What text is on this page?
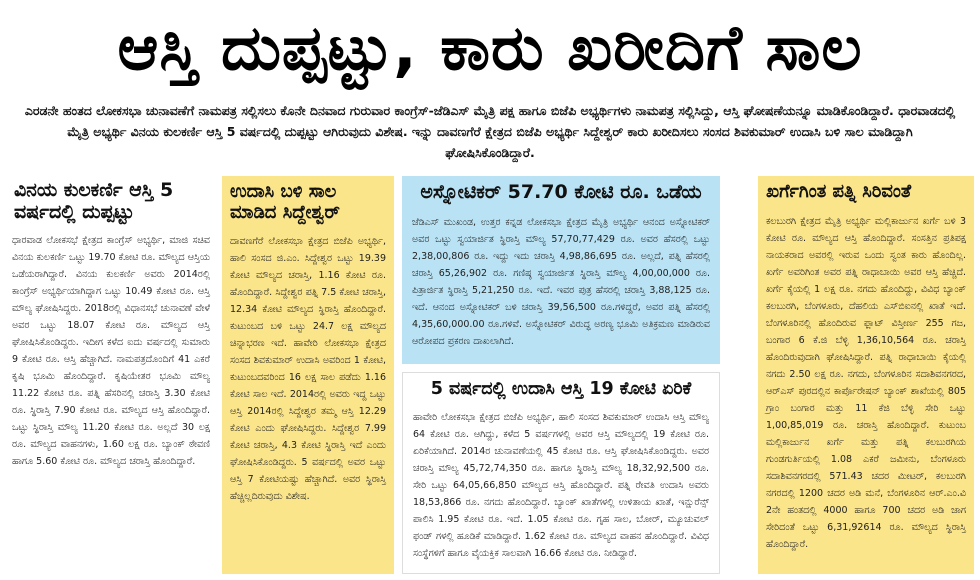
ಆಸ್ತಿ ದುಪ್ಪಟ್ಟು, ಕಾರು ಖರೀದಿಗೆ ಸಾಲ
ಎರಡನೇ ಹಂತದ ಲೋಕಸಭಾ ಚುನಾವಣೆಗೆ ನಾಮಪತ್ರ ಸಲ್ಲಿಸಲು ಕೊನೇ ದಿನವಾದ ಗುರುವಾರ ಕಾಂಗ್ರೆಸ್-ಜೆಡಿಎಸ್ ಮೈತ್ರಿ ಪಕ್ಷ ಹಾಗೂ ಬಿಜೆಪಿ ಅಭ್ಯರ್ಥಿಗಳು ನಾಮಪತ್ರ ಸಲ್ಲಿಸಿದ್ದು, ಆಸ್ತಿ ಘೋಷಣೆಯನ್ನೂ ಮಾಡಿಕೊಂಡಿದ್ದಾರೆ. ಧಾರವಾಡದಲ್ಲಿ ಮೈತ್ರಿ ಅಭ್ಯರ್ಥಿ ವಿನಯ ಕುಲಕರ್ಣಿ ಆಸ್ತಿ 5 ವರ್ಷದಲ್ಲಿ ದುಪ್ಪಟ್ಟು ಆಗಿರುವುದು ವಿಶೇಷ. ಇನ್ನು ದಾವಣಗೆರೆ ಕ್ಷೇತ್ರದ ಬಿಜೆಪಿ ಅಭ್ಯರ್ಥಿ ಸಿದ್ದೇಶ್ವರ್ ಕಾರು ಖರೀದಿಸಲು ಸಂಸದ ಶಿವಕುಮಾರ್ ಉದಾಸಿ ಬಳಿ ಸಾಲ ಮಾಡಿದ್ದಾಗಿ ಘೋಷಿಸಿಕೊಂಡಿದ್ದಾರೆ.
ವಿನಯ ಕುಲಕರ್ಣಿ ಆಸ್ತಿ 5 ವರ್ಷದಲ್ಲಿ ದುಪ್ಪಟ್ಟು
ಧಾರವಾಡ ಲೋಕಸಭೆ ಕ್ಷೇತ್ರದ ಕಾಂಗ್ರೆಸ್ ಅಭ್ಯರ್ಥಿ, ಮಾಜಿ ಸಚಿವ ವಿನಯ ಕುಲಕರ್ಣಿ ಒಟ್ಟು 19.70 ಕೋಟಿ ರೂ. ಮೌಲ್ಯದ ಆಸ್ತಿಯ ಒಡೆಯರಾಗಿದ್ದಾರೆ. ವಿನಯ ಕುಲಕರ್ಣಿ ಅವರು 2014ರಲ್ಲಿ ಕಾಂಗ್ರೆಸ್ ಅಭ್ಯರ್ಥಿಯಾಗಿದ್ದಾಗ ಒಟ್ಟು 10.49 ಕೋಟಿ ರೂ. ಆಸ್ತಿ ಮೌಲ್ಯ ಘೋಷಿಸಿದ್ದರು. 2018ರಲ್ಲಿ ವಿಧಾನಸಭೆ ಚುನಾವಣೆ ವೇಳೆ ಅವರ ಒಟ್ಟು 18.07 ಕೋಟಿ ರೂ. ಮೌಲ್ಯದ ಆಸ್ತಿ ಘೋಷಿಸಿಕೊಂಡಿದ್ದರು. ಇದೀಗ ಕಳೆದ ಐದು ವರ್ಷದಲ್ಲಿ ಸುಮಾರು 9 ಕೋಟಿ ರೂ. ಆಸ್ತಿ ಹೆಚ್ಚಾಗಿದೆ. ನಾಮಪತ್ರದೊಂದಿಗೆ 41 ಎಕರೆ ಕೃಷಿ ಭೂಮಿ ಹೊಂದಿದ್ದಾರೆ. ಕೃಷಿಯೇತರ ಭೂಮಿ ಮೌಲ್ಯ 11.22 ಕೋಟಿ ರೂ. ಪತ್ನಿ ಹೆಸರಿನಲ್ಲಿ ಚರಾಸ್ತಿ 3.30 ಕೋಟಿ ರೂ. ಸ್ಥಿರಾಸ್ತಿ 7.90 ಕೋಟಿ ರೂ. ಮೌಲ್ಯದ ಆಸ್ತಿ ಹೊಂದಿದ್ದಾರೆ. ಒಟ್ಟು ಸ್ಥಿರಾಸ್ತಿ ಮೌಲ್ಯ 11.20 ಕೋಟಿ ರೂ. ಅಲ್ಲದೆ 30 ಲಕ್ಷ ರೂ. ಮೌಲ್ಯದ ವಾಹನಗಳು, 1.60 ಲಕ್ಷ ರೂ. ಬ್ಯಾಂಕ್ ಠೇವಣಿ ಹಾಗೂ 5.60 ಕೋಟಿ ರೂ. ಮೌಲ್ಯದ ಚರಾಸ್ತಿ ಹೊಂದಿದ್ದಾರೆ.
ಉದಾಸಿ ಬಳಿ ಸಾಲ ಮಾಡಿದ ಸಿದ್ದೇಶ್ವರ್
ದಾವಣಗೆರೆ ಲೋಕಸಭಾ ಕ್ಷೇತ್ರದ ಬಿಜೆಪಿ ಅಭ್ಯರ್ಥಿ, ಹಾಲಿ ಸಂಸದ ಜಿ.ಎಂ. ಸಿದ್ದೇಶ್ವರ ಒಟ್ಟು 19.39 ಕೋಟಿ ಮೌಲ್ಯದ ಚರಾಸ್ತಿ, 1.16 ಕೋಟಿ ರೂ. ಹೊಂದಿದ್ದಾರೆ. ಸಿದ್ದೇಶ್ವರ ಪತ್ನಿ 7.5 ಕೋಟಿ ಚರಾಸ್ತಿ, 12.34 ಕೋಟಿ ಮೌಲ್ಯದ ಸ್ಥಿರಾಸ್ತಿ ಹೊಂದಿದ್ದಾರೆ. ಕುಟುಂಬದ ಬಳಿ ಒಟ್ಟು 24.7 ಲಕ್ಷ ಮೌಲ್ಯದ ಚಿನ್ನಾಭರಣ ಇದೆ. ಹಾವೇರಿ ಲೋಕಸಭಾ ಕ್ಷೇತ್ರದ ಸಂಸದ ಶಿವಕುಮಾರ್ ಉದಾಸಿ ಅವರಿಂದ 1 ಕೋಟಿ, ಕುಟುಂಬದವರಿಂದ 16 ಲಕ್ಷ ಸಾಲ ಪಡೆದು 1.16 ಕೋಟಿ ಸಾಲ ಇದೆ. 2014ರಲ್ಲಿ ಅವರು ಇದ್ದ ಒಟ್ಟು ಆಸ್ತಿ 2014ರಲ್ಲಿ ಸಿದ್ದೇಶ್ವರ ತಮ್ಮ ಆಸ್ತಿ 12.29 ಕೋಟಿ ಎಂದು ಘೋಷಿಸಿದ್ದರು. ಸಿದ್ದೇಶ್ವರ 7.99 ಕೋಟಿ ಚರಾಸ್ತಿ, 4.3 ಕೋಟಿ ಸ್ಥಿರಾಸ್ತಿ ಇದೆ ಎಂದು ಘೋಷಿಸಿಕೊಂಡಿದ್ದರು. 5 ವರ್ಷದಲ್ಲಿ ಅವರ ಒಟ್ಟು ಆಸ್ತಿ 7 ಕೋಟಿಯಷ್ಟು ಹೆಚ್ಚಾಗಿದೆ. ಅವರ ಸ್ಥಿರಾಸ್ತಿ ಹೆಚ್ಚಿಲ್ಲದಿರುವುದು ವಿಶೇಷ.
ಅಸ್ನೋಟಿಕರ್ 57.70 ಕೋಟಿ ರೂ. ಒಡೆಯ
ಜೆಡಿಎಸ್ ಮುಖಂಡ, ಉತ್ತರ ಕನ್ನಡ ಲೋಕಸಭಾ ಕ್ಷೇತ್ರದ ಮೈತ್ರಿ ಅಭ್ಯರ್ಥಿ ಆನಂದ ಅಸ್ನೋಟಿಕರ್ ಅವರ ಒಟ್ಟು ಸ್ವಯಾರ್ಜಿತ ಸ್ಥಿರಾಸ್ತಿ ಮೌಲ್ಯ 57,70,77,429 ರೂ. ಅವರ ಹೆಸರಲ್ಲಿ ಒಟ್ಟು 2,38,00,806 ರೂ. ಇದ್ದು ಇದು ಚರಾಸ್ತಿ 4,98,86,695 ರೂ. ಅಲ್ಲದೆ, ಪತ್ನಿ ಹೆಸರಲ್ಲಿ ಚರಾಸ್ತಿ 65,26,902 ರೂ. ಗಣಿಷ್ಠ ಸ್ವಯಾರ್ಜಿತ ಸ್ಥಿರಾಸ್ತಿ ಮೌಲ್ಯ 4,00,00,000 ರೂ. ಪಿತ್ರಾರ್ಜಿತ ಸ್ಥಿರಾಸ್ತಿ 5,21,250 ರೂ. ಇದೆ. ಇವರ ಪುತ್ರ ಹೆಸರಲ್ಲಿ ಚರಾಸ್ತಿ 3,88,125 ರೂ. ಇದೆ. ಆನಂದ ಅಸ್ನೋಟಿಕರ್ ಬಳಿ ಚರಾಸ್ತಿ 39,56,500 ರೂ.ಗಳಿದ್ದರೆ, ಅವರ ಪತ್ನಿ ಹೆಸರಲ್ಲಿ 4,35,60,000.00 ರೂ.ಗಳಿವೆ. ಅಸ್ನೋಟಿಕರ್ ವಿರುದ್ಧ ಅರಣ್ಯ ಭೂಮಿ ಅತಿಕ್ರಮಣ ಮಾಡಿರುವ ಆರೋಪದ ಪ್ರಕರಣ ದಾಖಲಾಗಿದೆ.
5 ವರ್ಷದಲ್ಲಿ ಉದಾಸಿ ಆಸ್ತಿ 19 ಕೋಟಿ ಏರಿಕೆ
ಹಾವೇರಿ ಲೋಕಸಭಾ ಕ್ಷೇತ್ರದ ಬಿಜೆಪಿ ಅಭ್ಯರ್ಥಿ, ಹಾಲಿ ಸಂಸದ ಶಿವಕುಮಾರ್ ಉದಾಸಿ ಆಸ್ತಿ ಮೌಲ್ಯ 64 ಕೋಟಿ ರೂ. ಆಗಿದ್ದು, ಕಳೆದ 5 ವರ್ಷಗಳಲ್ಲಿ ಅವರ ಆಸ್ತಿ ಮೌಲ್ಯದಲ್ಲಿ 19 ಕೋಟಿ ರೂ. ಏರಿಕೆಯಾಗಿದೆ. 2014ರ ಚುನಾವಣೆಯಲ್ಲಿ 45 ಕೋಟಿ ರೂ. ಆಸ್ತಿ ಘೋಷಿಸಿಕೊಂಡಿದ್ದರು. ಅವರ ಚರಾಸ್ತಿ ಮೌಲ್ಯ 45,72,74,350 ರೂ. ಹಾಗೂ ಸ್ಥಿರಾಸ್ತಿ ಮೌಲ್ಯ 18,32,92,500 ರೂ. ಸೇರಿ ಒಟ್ಟು 64,05,66,850 ಮೌಲ್ಯದ ಆಸ್ತಿ ಹೊಂದಿದ್ದಾರೆ. ಪತ್ನಿ ರೇವತಿ ಉದಾಸಿ ಅವರು 18,53,866 ರೂ. ನಗದು ಹೊಂದಿದ್ದಾರೆ. ಬ್ಯಾಂಕ್ ಖಾತೆಗಳಲ್ಲಿ ಉಳಿತಾಯ ಖಾತೆ, ಇನ್ಷುರೆನ್ಸ್ ಪಾಲಿಸಿ 1.95 ಕೋಟಿ ರೂ. ಇದೆ. 1.05 ಕೋಟಿ ರೂ. ಗೃಹ ಸಾಲ, ಬೋರ್, ಮ್ಯೂಚುವಲ್ ಫಂಡ್ ಗಳಲ್ಲಿ ಹೂಡಿಕೆ ಮಾಡಿದ್ದಾರೆ. 1.62 ಕೋಟಿ ರೂ. ಮೌಲ್ಯದ ವಾಹನ ಹೊಂದಿದ್ದಾರೆ. ವಿವಿಧ ಸಂಸ್ಥೆಗಳಿಗೆ ಹಾಗೂ ವೈಯಕ್ತಿಕ ಸಾಲವಾಗಿ 16.66 ಕೋಟಿ ರೂ. ನೀಡಿದ್ದಾರೆ.
ಖರ್ಗೆಗಿಂತ ಪತ್ನಿ ಸಿರಿವಂತೆ
ಕಲಬುರಗಿ ಕ್ಷೇತ್ರದ ಮೈತ್ರಿ ಅಭ್ಯರ್ಥಿ ಮಲ್ಲಿಕಾರ್ಜುನ ಖರ್ಗೆ ಬಳಿ 3 ಕೋಟಿ ರೂ. ಮೌಲ್ಯದ ಆಸ್ತಿ ಹೊಂದಿದ್ದಾರೆ. ಸಂಸತ್ತಿನ ಪ್ರತಿಪಕ್ಷ ನಾಯಕರಾದ ಅವರಲ್ಲಿ ಇರುವ ಒಂದು ಸ್ವಂತ ಕಾರು ಹೊಂದಿಲ್ಲ. ಖರ್ಗೆ ಅವರಿಗಿಂತ ಅವರ ಪತ್ನಿ ರಾಧಾಬಾಯಿ ಅವರ ಆಸ್ತಿ ಹೆಚ್ಚಿದೆ. ಖರ್ಗೆ ಕೈಯಲ್ಲಿ 1 ಲಕ್ಷ ರೂ. ನಗದು ಹೊಂದಿದ್ದು, ವಿವಿಧ ಬ್ಯಾಂಕ್ ಕಲಬುರಗಿ, ಬೆಂಗಳೂರು, ದೆಹಲಿಯ ಎಸ್‌ಬಿಐನಲ್ಲಿ ಖಾತೆ ಇದೆ. ಬೆಂಗಳೂರಿನಲ್ಲಿ ಹೊಂದಿರುವ ಫ್ಲಾಟ್ ವಿಸ್ತೀರ್ಣ 255 ಗಜ, ಬಂಗಾರ 6 ಕೆ.ಜಿ ಬೆಳ್ಳಿ 1,36,10,564 ರೂ. ಚರಾಸ್ತಿ ಹೊಂದಿರುವುದಾಗಿ ಘೋಷಿಸಿದ್ದಾರೆ. ಪತ್ನಿ ರಾಧಾಬಾಯಿ ಕೈಯಲ್ಲಿ ನಗದು 2.50 ಲಕ್ಷ ರೂ. ನಗದು, ಬೆಂಗಳೂರಿನ ಸದಾಶಿವನಗರದ, ಆರ್‌ಎಸ್‌ ಪುರದಲ್ಲಿನ ಕಾರ್ಪೊರೇಷನ್ ಬ್ಯಾಂಕ್ ಶಾಖೆಯಲ್ಲಿ 805 ಗ್ರಾಂ ಬಂಗಾರ ಮತ್ತು 11 ಕೆಜಿ ಬೆಳ್ಳಿ ಸೇರಿ ಒಟ್ಟು 1,00,85,019 ರೂ. ಚರಾಸ್ತಿ ಹೊಂದಿದ್ದಾರೆ. ಕುಟುಂಬ ಮಲ್ಲಿಕಾರ್ಜುನ ಖರ್ಗೆ ಮತ್ತು ಪತ್ನಿ ಕಲಬುರಗಿಯ ಗುಂಡಗುರ್ತಿಯಲ್ಲಿ 1.08 ಎಕರೆ ಜಮೀನು, ಬೆಂಗಳೂರು ಸದಾಶಿವನಗರದಲ್ಲಿ 571.43 ಚದರ ಮೀಟರ್, ಕಲಬುರಗಿ ನಗರದಲ್ಲಿ 1200 ಚದರ ಅಡಿ ಮನೆ, ಬೆಂಗಳೂರಿನ ಆರ್.ಎಂ.ವಿ 2ನೇ ಹಂತದಲ್ಲಿ 4000 ಹಾಗೂ 700 ಚದರ ಅಡಿ ಜಾಗ ಸೇರಿದಂತೆ ಒಟ್ಟು 6,31,92614 ರೂ. ಮೌಲ್ಯದ ಸ್ಥಿರಾಸ್ತಿ ಹೊಂದಿದ್ದಾರೆ.
